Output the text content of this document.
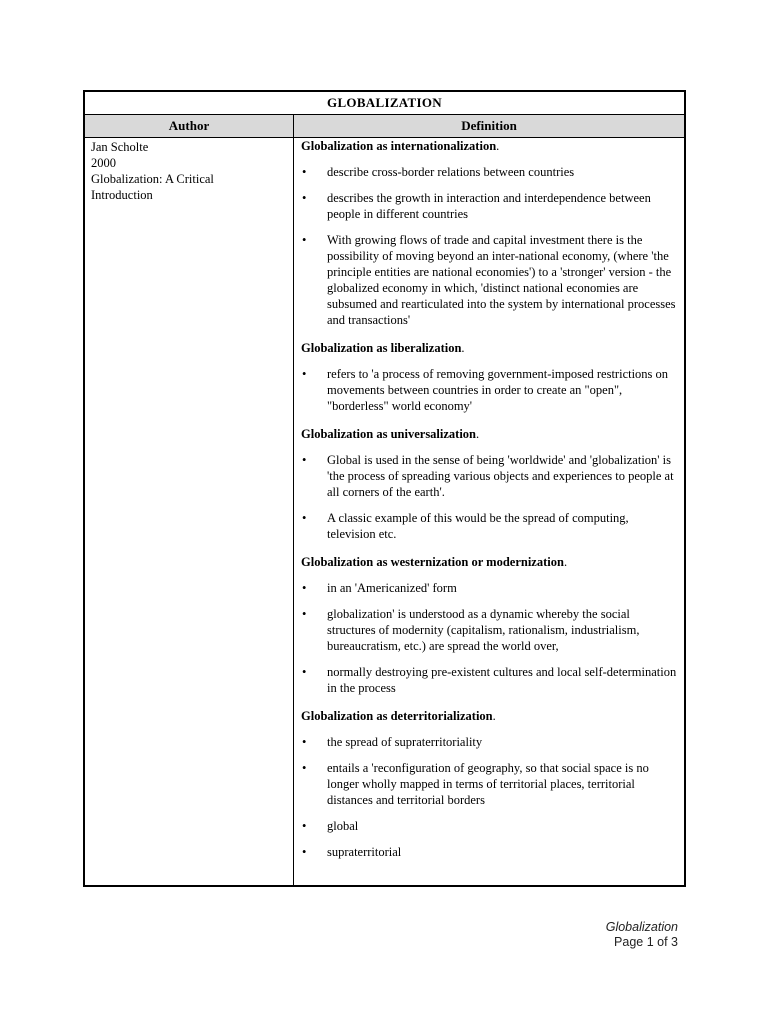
GLOBALIZATION
Author	Definition
Jan Scholte
2000
Globalization: A Critical
Introduction
Globalization as internationalization.
• describe cross-border relations between countries
• describes the growth in interaction and interdependence between people in different countries
• With growing flows of trade and capital investment there is the possibility of moving beyond an inter-national economy, (where 'the principle entities are national economies') to a 'stronger' version - the globalized economy in which, 'distinct national economies are subsumed and rearticulated into the system by international processes and transactions'
Globalization as liberalization.
• refers to 'a process of removing government-imposed restrictions on movements between countries in order to create an "open", "borderless" world economy'
Globalization as universalization.
• Global is used in the sense of being 'worldwide' and 'globalization' is 'the process of spreading various objects and experiences to people at all corners of the earth'.
• A classic example of this would be the spread of computing, television etc.
Globalization as westernization or modernization.
• in an 'Americanized' form
• globalization' is understood as a dynamic whereby the social structures of modernity (capitalism, rationalism, industrialism, bureaucratism, etc.) are spread the world over,
• normally destroying pre-existent cultures and local self-determination in the process
Globalization as deterritorialization.
• the spread of supraterritoriality
• entails a 'reconfiguration of geography, so that social space is no longer wholly mapped in terms of territorial places, territorial distances and territorial borders
• global
• supraterritorial
Globalization
Page 1 of 3
